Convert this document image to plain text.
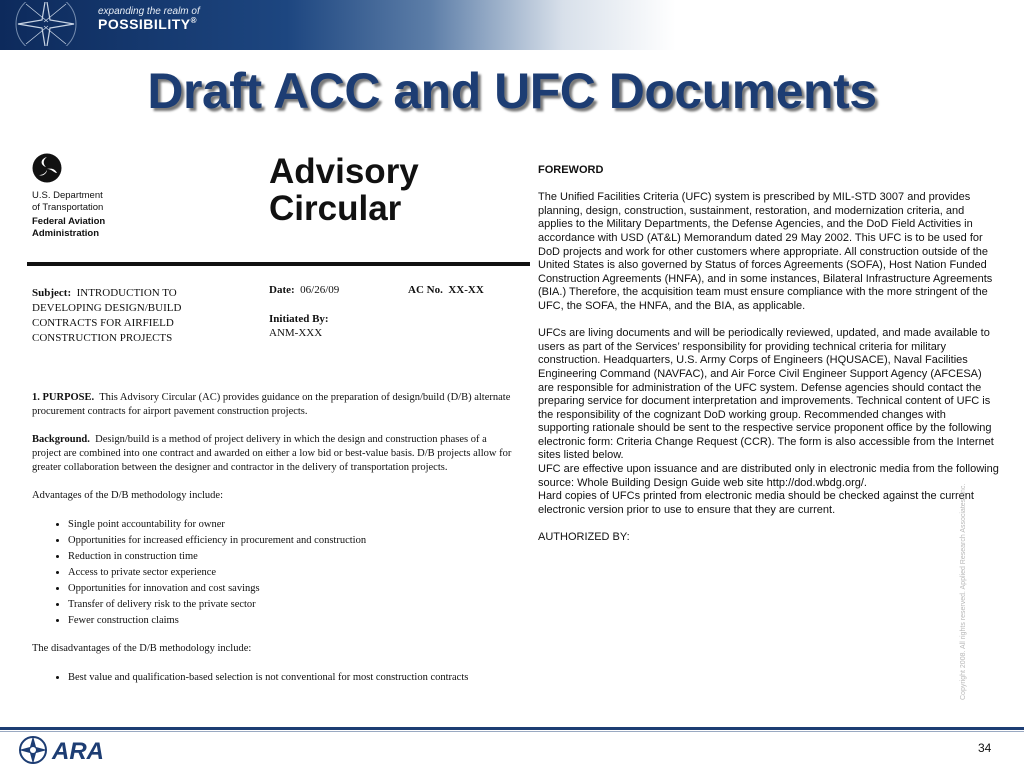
expanding the realm of
POSSIBILITY®
Draft ACC and UFC Documents
U.S. Department
of Transportation
Federal Aviation
Administration
Advisory
Circular
Subject: INTRODUCTION TO DEVELOPING DESIGN/BUILD CONTRACTS FOR AIRFIELD CONSTRUCTION PROJECTS
Date: 06/26/09	AC No. XX-XX
Initiated By:
ANM-XXX

1. PURPOSE. This Advisory Circular (AC) provides guidance on the preparation of design/build (D/B) alternate procurement contracts for airport pavement construction projects.

Background. Design/build is a method of project delivery in which the design and construction phases of a project are combined into one contract and awarded on either a low bid or best-value basis. D/B projects allow for greater collaboration between the designer and contractor in the delivery of transportation projects.

Advantages of the D/B methodology include:

• Single point accountability for owner
• Opportunities for increased efficiency in procurement and construction
• Reduction in construction time
• Access to private sector experience
• Opportunities for innovation and cost savings
• Transfer of delivery risk to the private sector
• Fewer construction claims

The disadvantages of the D/B methodology include:

• Best value and qualification-based selection is not conventional for most construction contracts

FOREWORD

The Unified Facilities Criteria (UFC) system is prescribed by MIL-STD 3007 and provides planning, design, construction, sustainment, restoration, and modernization criteria, and applies to the Military Departments, the Defense Agencies, and the DoD Field Activities in accordance with USD (AT&L) Memorandum dated 29 May 2002. This UFC is to be used for DoD projects and work for other customers where appropriate. All construction outside of the United States is also governed by Status of forces Agreements (SOFA), Host Nation Funded Construction Agreements (HNFA), and in some instances, Bilateral Infrastructure Agreements (BIA.) Therefore, the acquisition team must ensure compliance with the more stringent of the UFC, the SOFA, the HNFA, and the BIA, as applicable.

UFCs are living documents and will be periodically reviewed, updated, and made available to users as part of the Services’ responsibility for providing technical criteria for military construction. Headquarters, U.S. Army Corps of Engineers (HQUSACE), Naval Facilities Engineering Command (NAVFAC), and Air Force Civil Engineer Support Agency (AFCESA) are responsible for administration of the UFC system. Defense agencies should contact the preparing service for document interpretation and improvements. Technical content of UFC is the responsibility of the cognizant DoD working group. Recommended changes with supporting rationale should be sent to the respective service proponent office by the following electronic form: Criteria Change Request (CCR). The form is also accessible from the Internet sites listed below.

UFC are effective upon issuance and are distributed only in electronic media from the following source: Whole Building Design Guide web site http://dod.wbdg.org/.

Hard copies of UFCs printed from electronic media should be checked against the current electronic version prior to use to ensure that they are current.

AUTHORIZED BY:	Copyright 2008. All rights reserved. Applied Research Associates, Inc.
ARA	34
